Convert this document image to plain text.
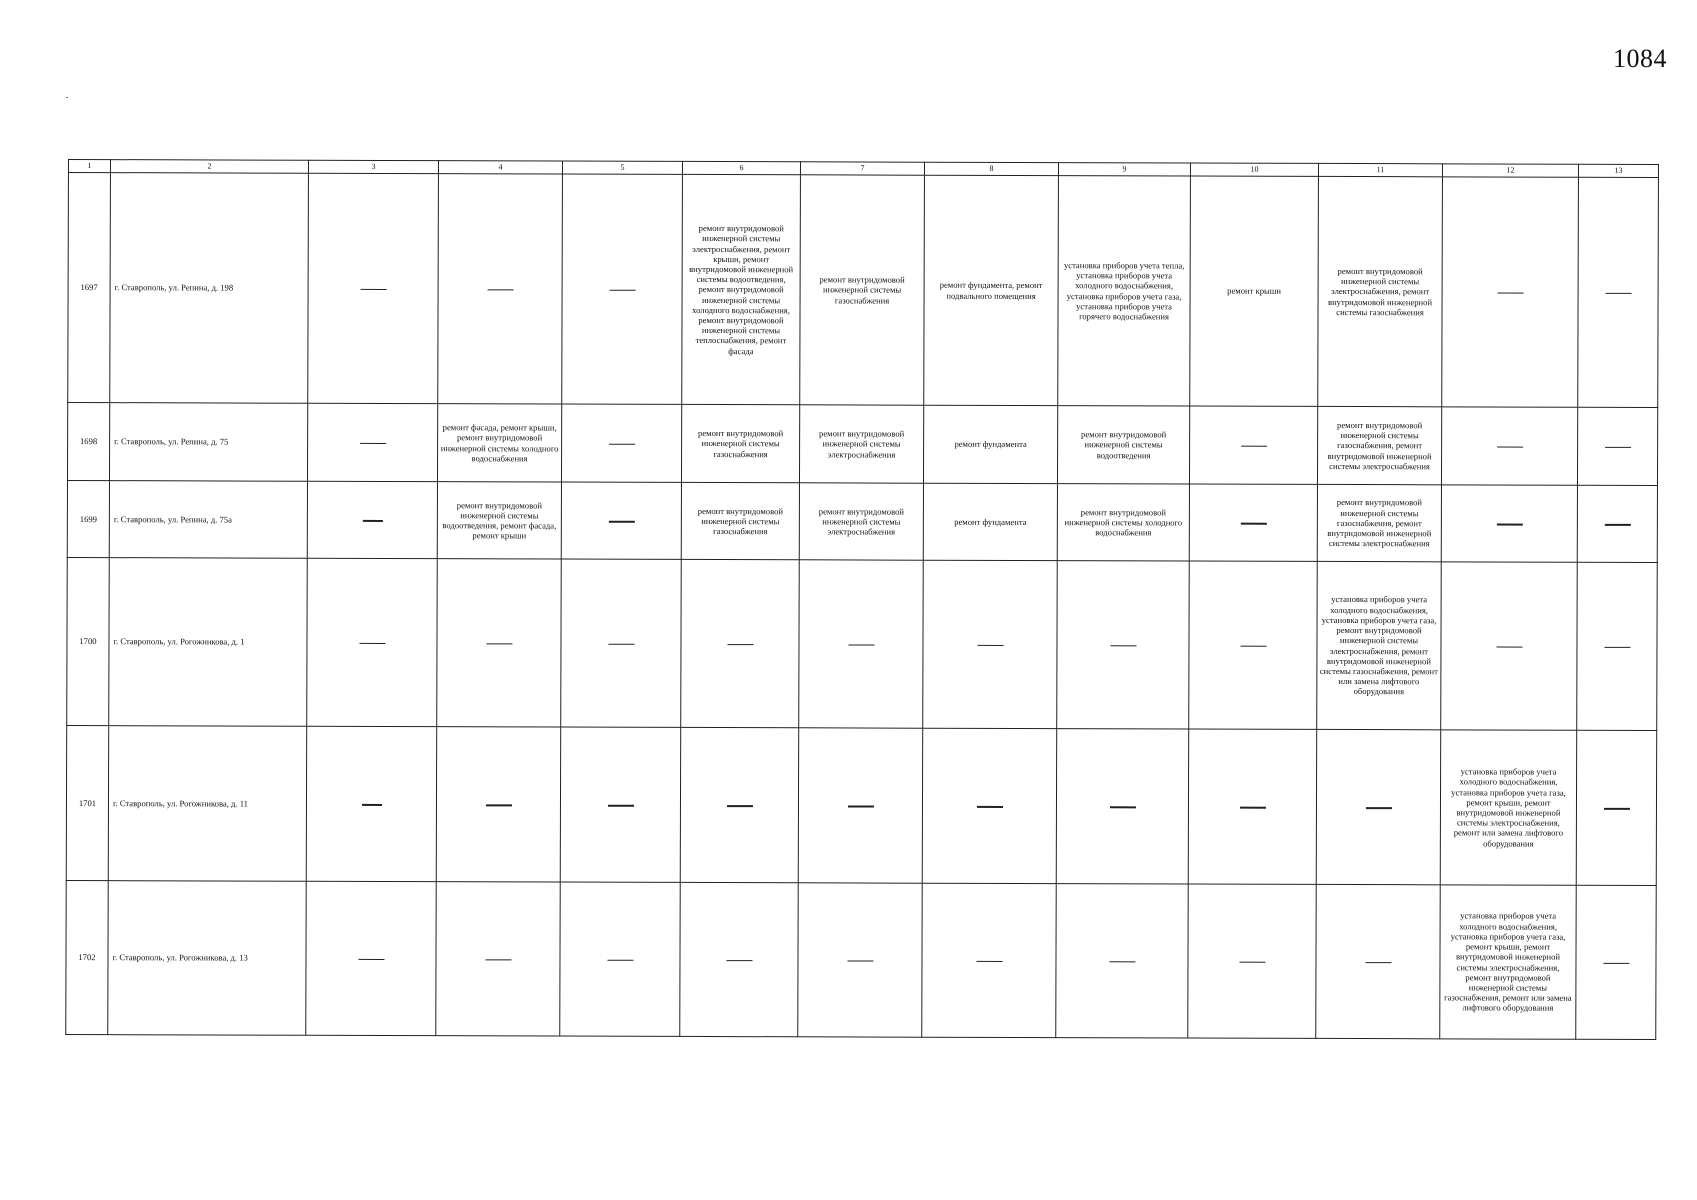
1084
1	2	3	4	5	6	7	8	9	10	11	12	13
1697	г. Ставрополь, ул. Репина, д. 198				ремонт внутридомовой инженерной системы электроснабжения, ремонт крыши, ремонт внутридомовой инженерной системы водоотведения, ремонт внутридомовой инженерной системы холодного водоснабжения, ремонт внутридомовой инженерной системы теплоснабжения, ремонт фасада	ремонт внутридомовой инженерной системы газоснабжения	ремонт фундамента, ремонт подвального помещения	установка приборов учета тепла, установка приборов учета холодного водоснабжения, установка приборов учета газа, установка приборов учета горячего водоснабжения	ремонт крыши	ремонт внутридомовой инженерной системы электроснабжения, ремонт внутридомовой инженерной системы газоснабжения		
1698	г. Ставрополь, ул. Репина, д. 75		ремонт фасада, ремонт крыши, ремонт внутридомовой инженерной системы холодного водоснабжения		ремонт внутридомовой инженерной системы газоснабжения	ремонт внутридомовой инженерной системы электроснабжения	ремонт фундамента	ремонт внутридомовой инженерной системы водоотведения		ремонт внутридомовой инженерной системы газоснабжения, ремонт внутридомовой инженерной системы электроснабжения		
1699	г. Ставрополь, ул. Репина, д. 75а		ремонт внутридомовой инженерной системы водоотведения, ремонт фасада, ремонт крыши		ремонт внутридомовой инженерной системы газоснабжения	ремонт внутридомовой инженерной системы электроснабжения	ремонт фундамента	ремонт внутридомовой инженерной системы холодного водоснабжения		ремонт внутридомовой инженерной системы газоснабжения, ремонт внутридомовой инженерной системы электроснабжения		
1700	г. Ставрополь, ул. Рогожникова, д. 1									установка приборов учета холодного водоснабжения, установка приборов учета газа, ремонт внутридомовой инженерной системы электроснабжения, ремонт внутридомовой инженерной системы газоснабжения, ремонт или замена лифтового оборудования		
1701	г. Ставрополь, ул. Рогожникова, д. 11										установка приборов учета холодного водоснабжения, установка приборов учета газа, ремонт крыши, ремонт внутридомовой инженерной системы электроснабжения, ремонт или замена лифтового оборудования	
1702	г. Ставрополь, ул. Рогожникова, д. 13										установка приборов учета холодного водоснабжения, установка приборов учета газа, ремонт крыши, ремонт внутридомовой инженерной системы электроснабжения, ремонт внутридомовой инженерной системы газоснабжения, ремонт или замена лифтового оборудования	
